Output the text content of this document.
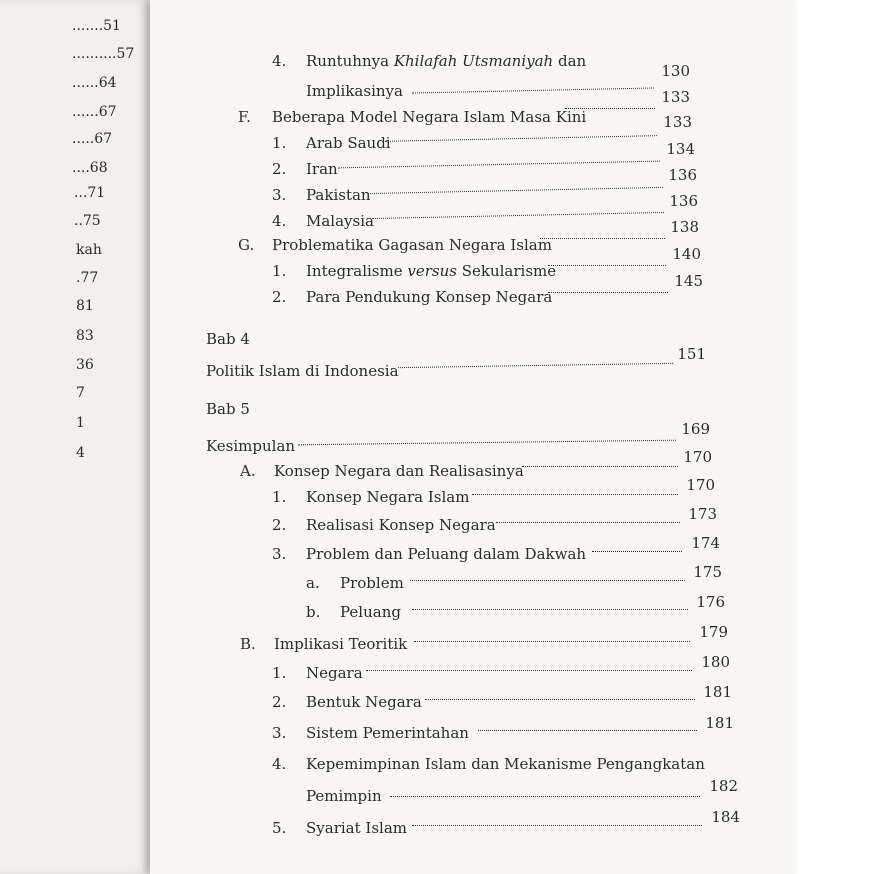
.......51
..........57
......64
......67
.....67
....68
...71
..75
kah
.77
81
83
36
7
1
4
4. Runtuhnya Khilafah Utsmaniyah dan
Implikasinya
130
F. Beberapa Model Negara Islam Masa Kini
133
1. Arab Saudi
133
2. Iran
134
3. Pakistan
136
4. Malaysia
136
G. Problematika Gagasan Negara Islam
138
1. Integralisme versus Sekularisme
140
2. Para Pendukung Konsep Negara
145
Bab 4
Politik Islam di Indonesia
151
Bab 5
Kesimpulan
169
A. Konsep Negara dan Realisasinya
170
1. Konsep Negara Islam
170
2. Realisasi Konsep Negara
173
3. Problem dan Peluang dalam Dakwah
174
a. Problem
175
b. Peluang
176
B. Implikasi Teoritik
179
1. Negara
180
2. Bentuk Negara
181
3. Sistem Pemerintahan
181
4. Kepemimpinan Islam dan Mekanisme Pengangkatan
Pemimpin
182
5. Syariat Islam
184
